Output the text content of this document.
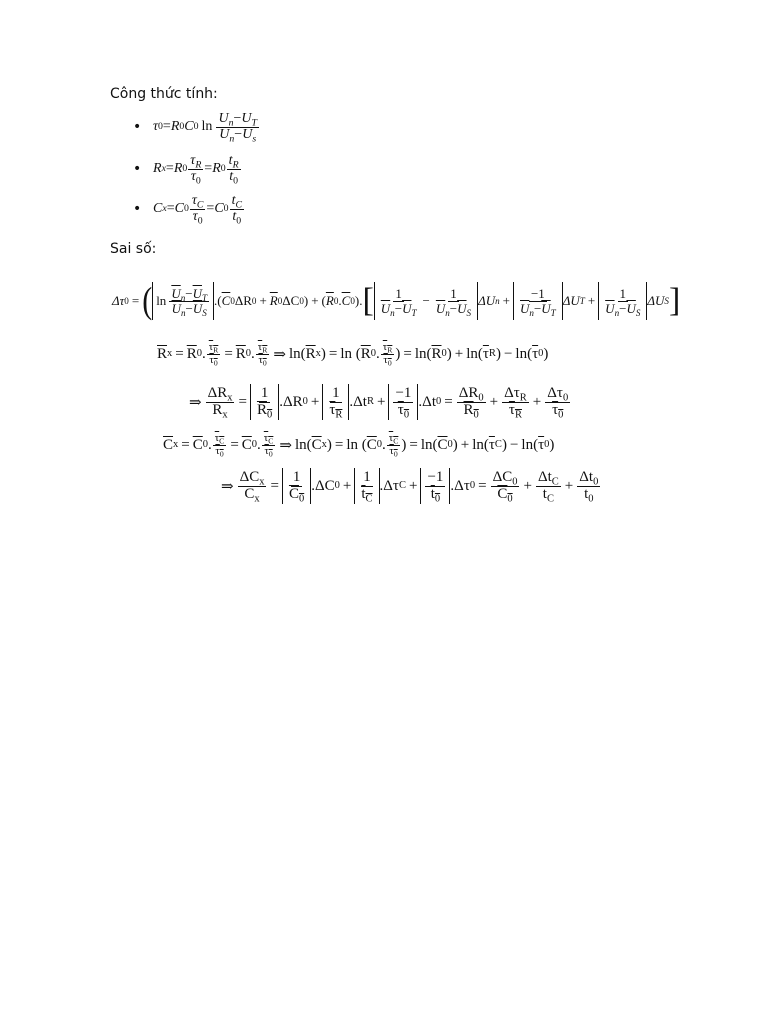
Công thức tính:
• τ 0 = R 0 C 0 $\ln \frac{U_n-U_T}{U_n-U_s}$
• R x = R $0 \frac{\tau_R}{\tau_0} = R$ $0 \frac{t_R}{t_0}$
• C x = C $0 \frac{\tau_C}{\tau_0} = C$ $0 \frac{t_C}{t_0}$
Sai số:
Δτ 0 = ( $\ln \frac{\overline{U}_n-\overline{U}_T}{\overline{U}_n-\overline{U}_S}$ . ( $\overline{C}$ 0 ΔR $0 + \overline{R}$ 0 ΔC 0 ) + ( $\overline{R}$ 0 . $\overline{C}$ 0 ) . [ $\frac{1}{\overline{U}_n-\overline{U}_T} - \frac{1}{\overline{U}_n-\overline{U}_S}$ ΔU $n + \frac{-1}{\overline{U}_n-\overline{U}_T}$ ΔU $T + \frac{1}{\overline{U}_n-\overline{U}_S}$ ΔU S ]
$\overline{R}$ $x = \overline{R}$ 0 . $\frac{\tau_R}{\tau_0} = \overline{R}$ 0 . $\frac{\tau_R}{\tau_0}$ ⇒ ln ( $\overline{R}$ x ) = ln ( $\overline{R}$ 0 . $\frac{\tau_R}{\tau_0}$ ) = ln ( $\overline{R}$ 0 ) + ln ( $\overline{\tau}$ R ) − ln ( $\overline{\tau}$ 0 )
⇒ $\frac{\Delta R_x}{R_x} = \frac{1}{R_0}$ . ΔR $0 + \frac{1}{\tau_R}$ . Δt $R + \frac{-1}{\tau_0}$ . Δt $0 = \frac{\Delta R_0}{R_0} + \frac{\Delta\tau_R}{\tau_R} + \frac{\Delta\tau_0}{\tau_0}$
$\overline{C}$ $x = \overline{C}$ 0 . $\frac{\tau_C}{\tau_0} = \overline{C}$ 0 . $\frac{\tau_C}{\tau_0}$ ⇒ ln ( $\overline{C}$ x ) = ln ( $\overline{C}$ 0 . $\frac{\tau_C}{\tau_0}$ ) = ln ( $\overline{C}$ 0 ) + ln ( $\overline{\tau}$ C ) − ln ( $\overline{\tau}$ 0 )
⇒ $\frac{\Delta C_x}{C_x} = \frac{1}{C_0}$ . ΔC $0 + \frac{1}{t_C}$ . Δτ $C + \frac{-1}{t_0}$ . Δτ $0 = \frac{\Delta C_0}{C_0} + \frac{\Delta t_C}{t_C} + \frac{\Delta t_0}{t_0}$
